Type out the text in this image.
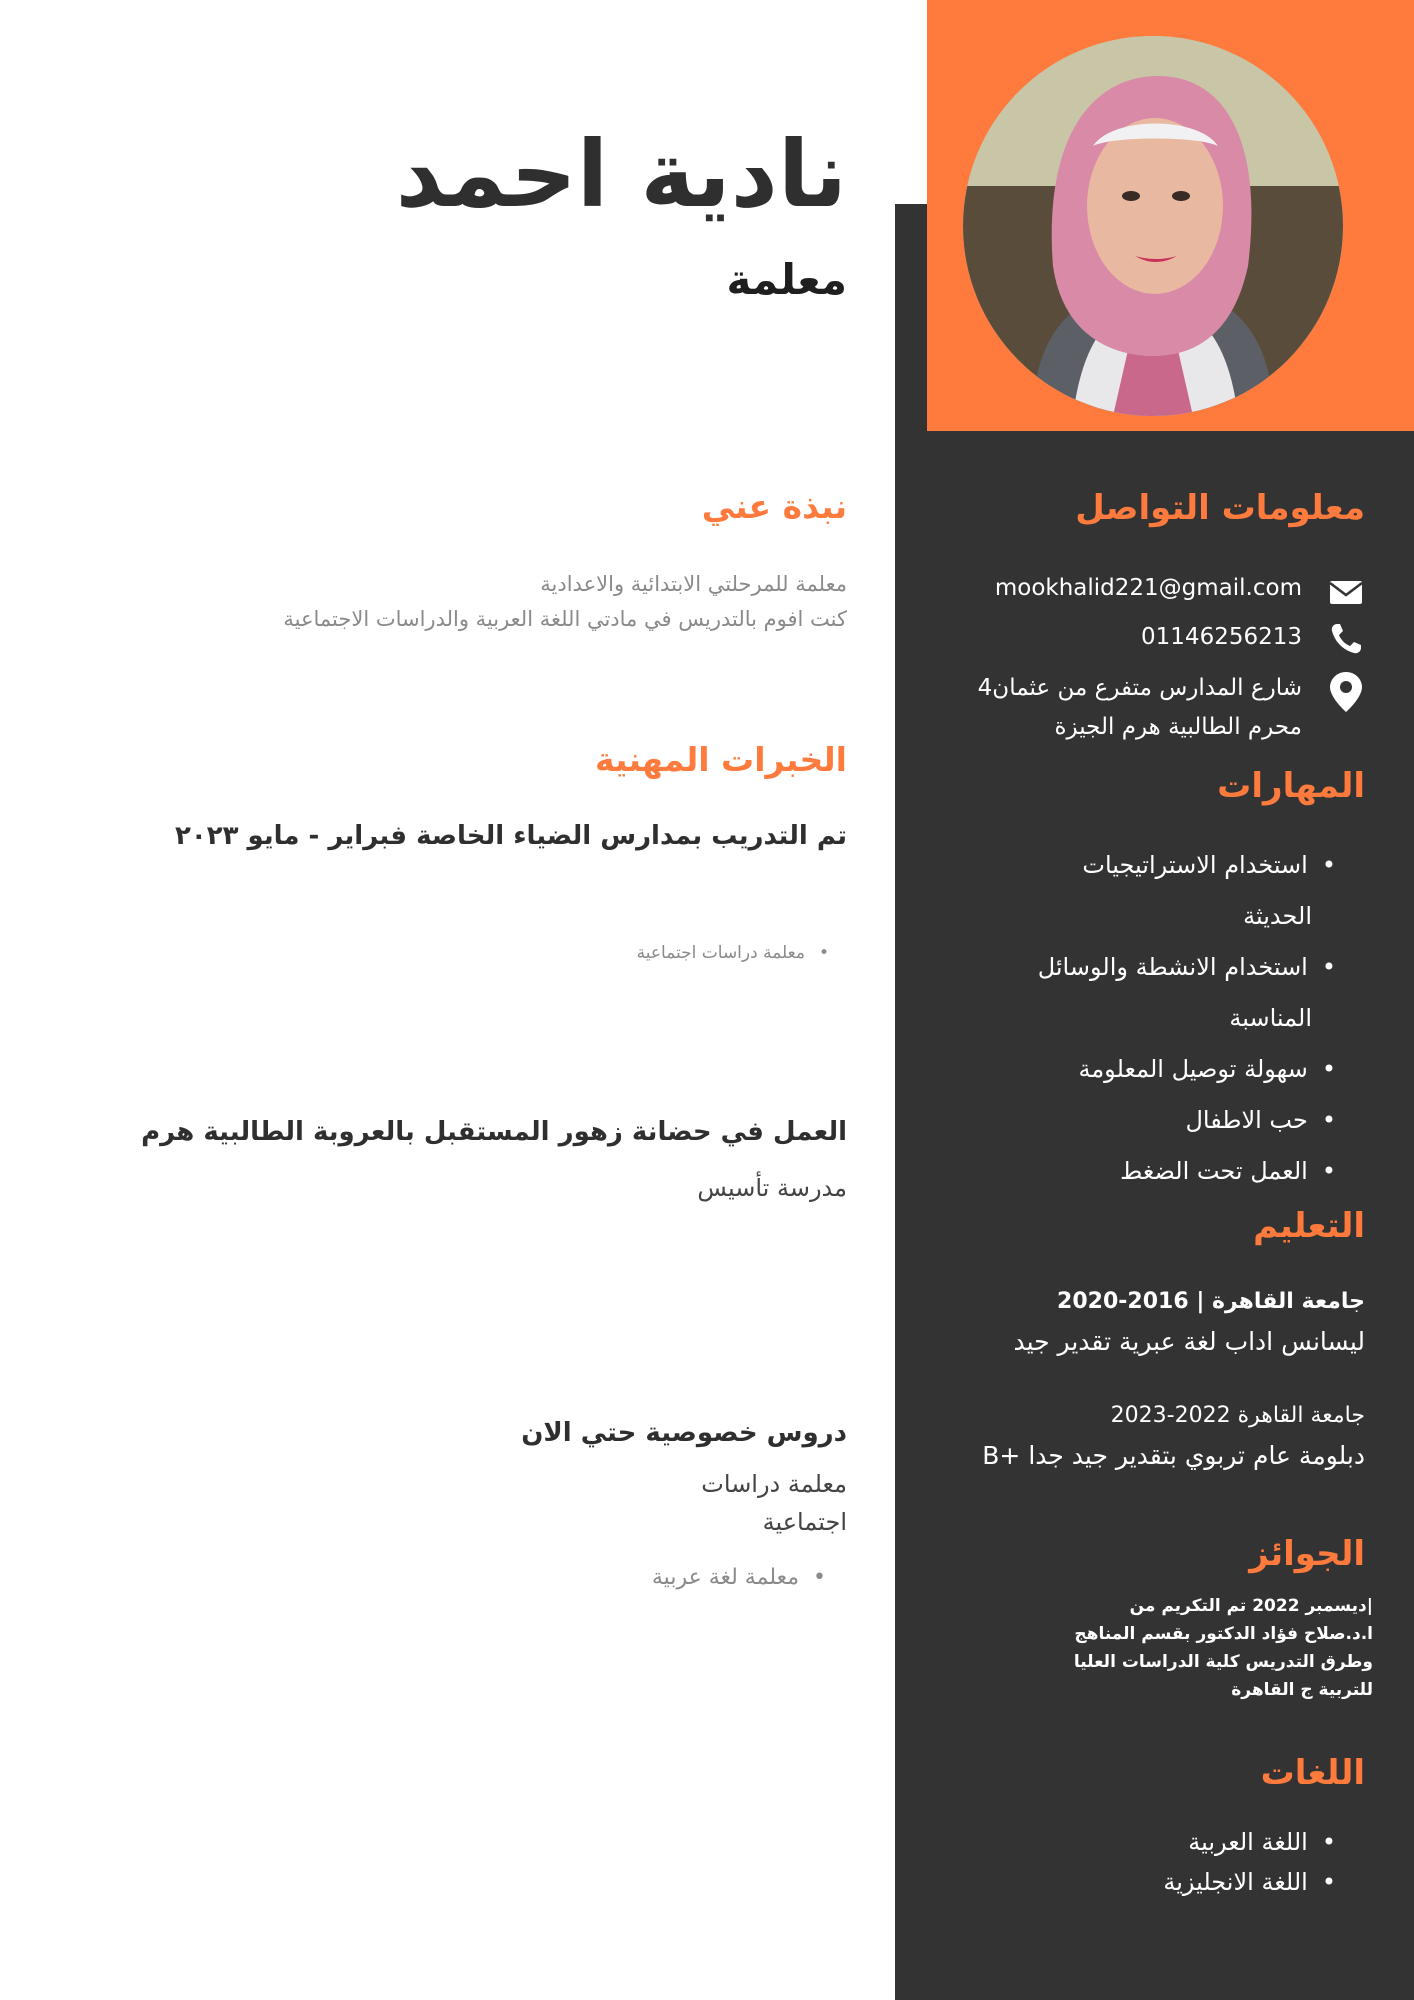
نادية احمد
معلمة
نبذة عني

معلمة للمرحلتي الابتدائية والاعدادية

كنت افوم بالتدريس في مادتي اللغة العربية والدراسات الاجتماعية

الخبرات المهنية

تم التدريب بمدارس الضياء الخاصة فبراير - مايو ٢٠٢٣

•معلمة دراسات اجتماعية

العمل في حضانة زهور المستقبل بالعروبة الطالبية هرم

مدرسة تأسيس

دروس خصوصية حتي الان

معلمة دراسات

اجتماعية

•معلمة لغة عربية

معلومات التواصل
mookhalid221@gmail.com
01146256213

شارع المدارس متفرع من عثمان4

محرم الطالبية هرم الجيزة

المهارات
•استخدام الاستراتيجيات
الحديثة
•استخدام الانشطة والوسائل
المناسبة
•سهولة توصيل المعلومة
•حب الاطفال
•العمل تحت الضغط
التعليم

جامعة القاهرة | 2016-2020

ليسانس اداب لغة عبرية تقدير جيد

جامعة القاهرة 2022-2023

دبلومة عام تربوي بتقدير جيد جدا +B

الجوائز
|ديسمبر 2022 تم التكريم من
ا.د.صلاح فؤاد الدكتور بقسم المناهج
وطرق التدريس كلية الدراسات العليا
للتربية ج القاهرة
اللغات
•اللغة العربية
•اللغة الانجليزية
